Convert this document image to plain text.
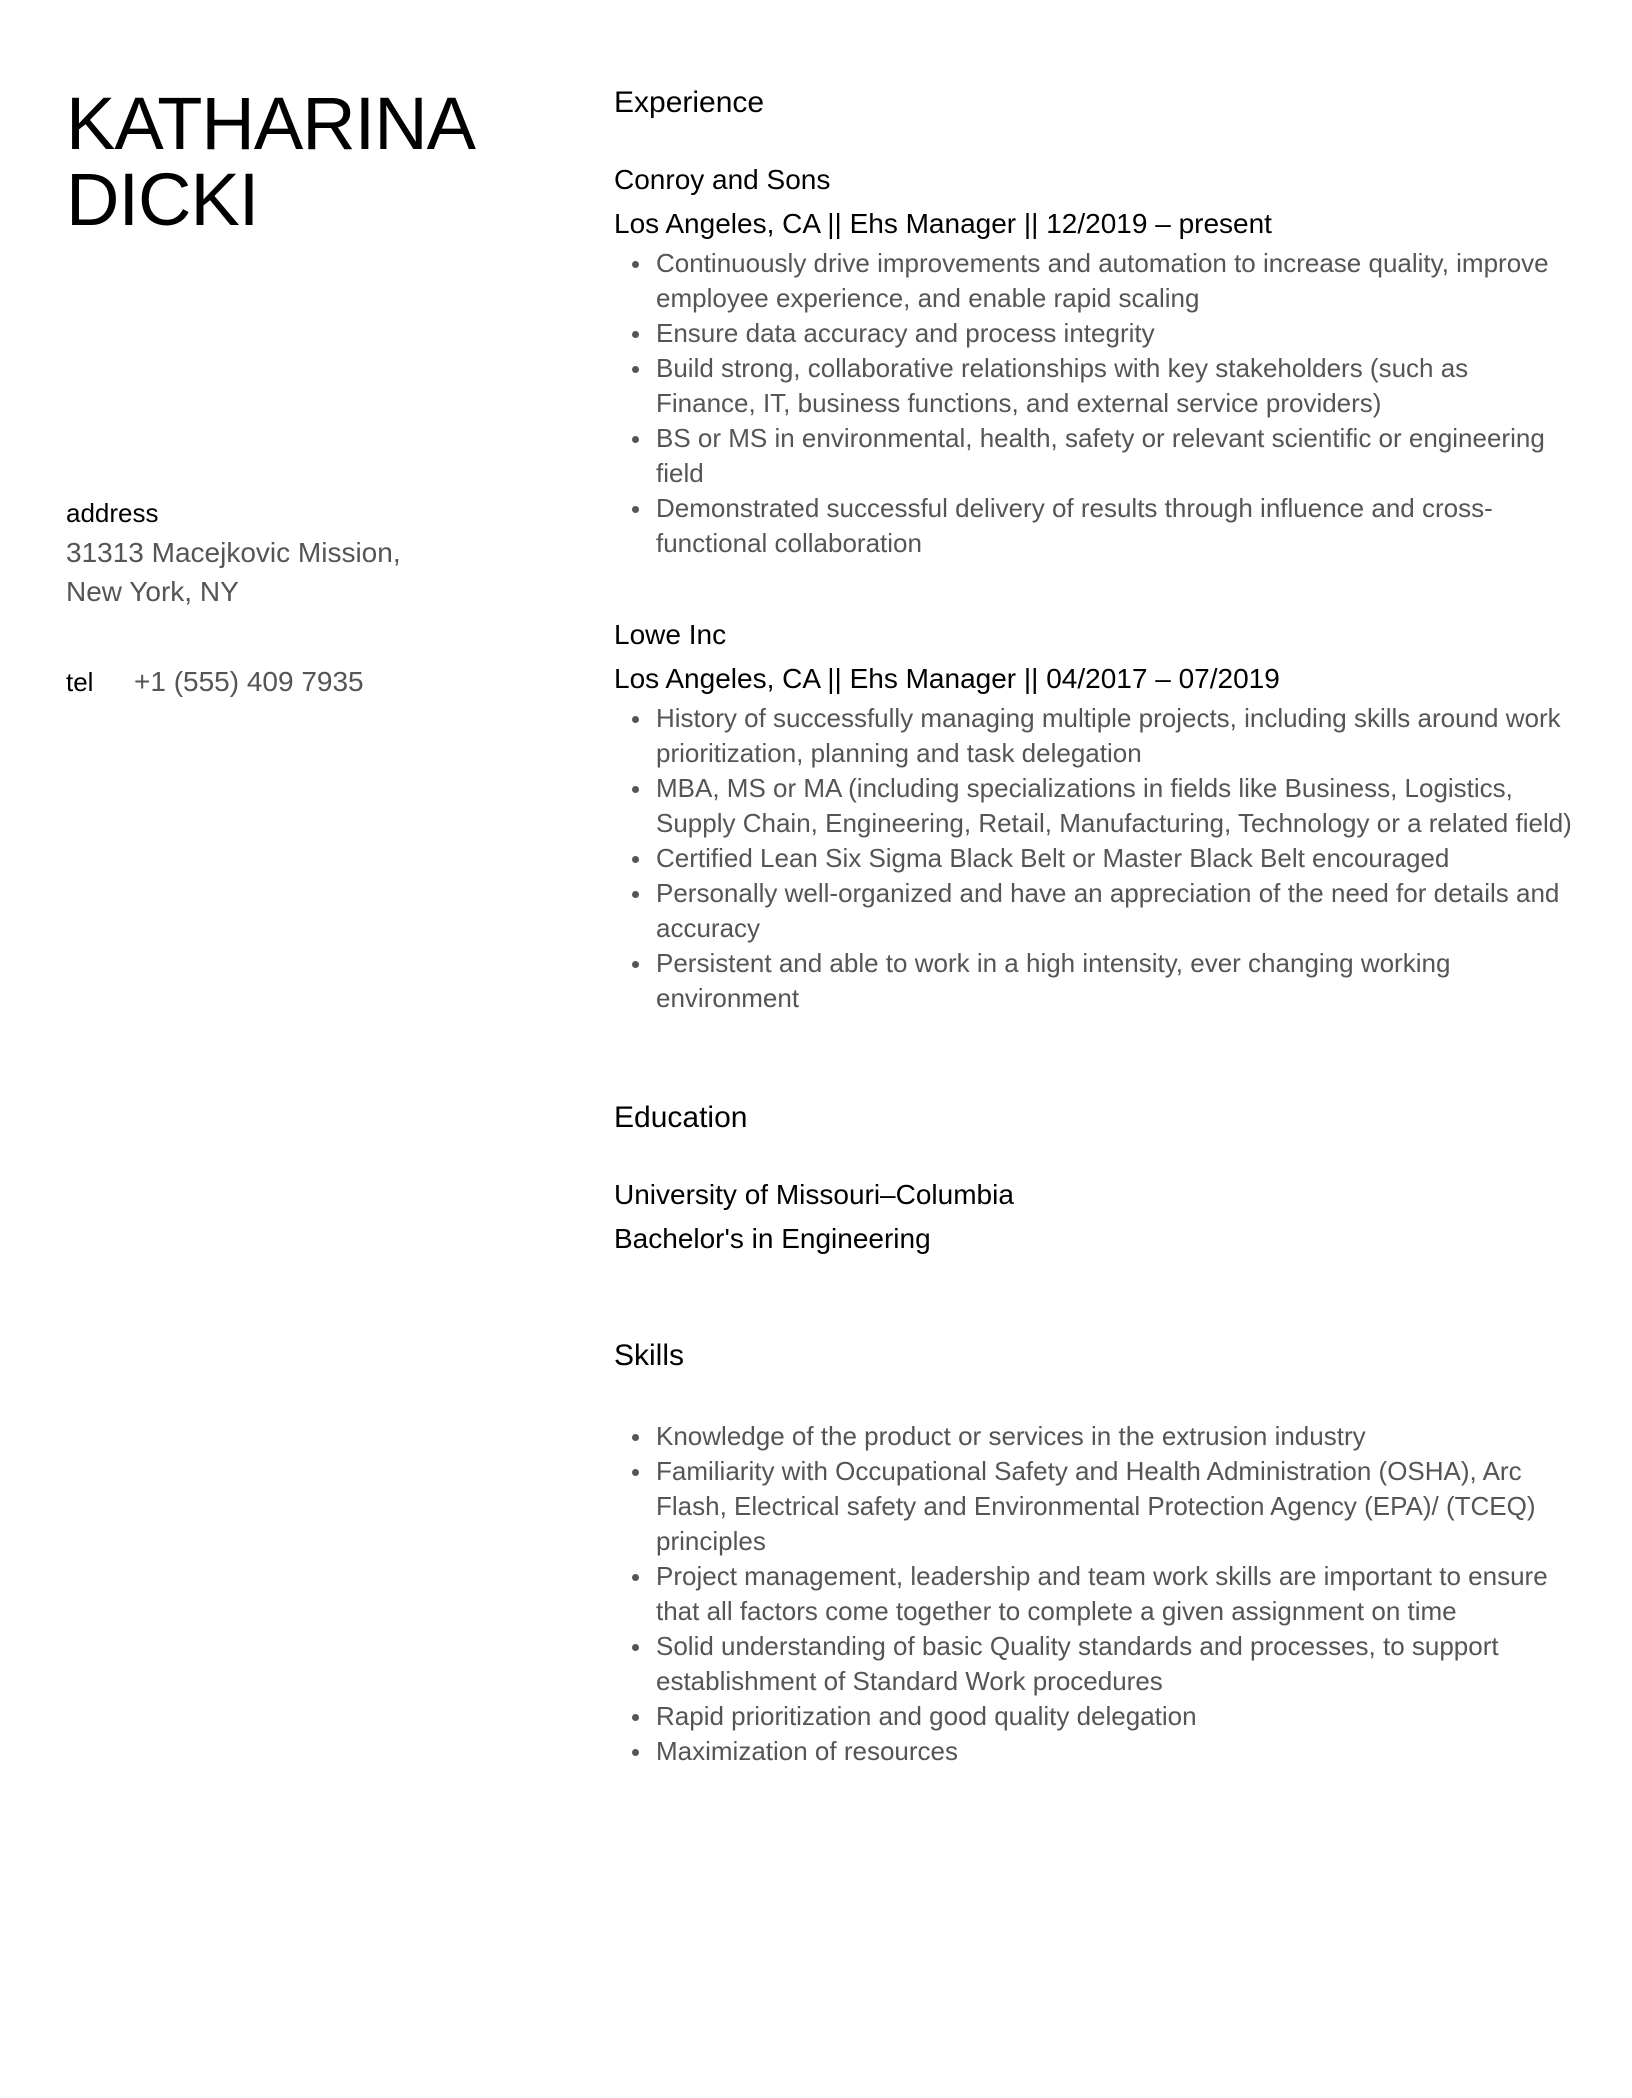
KATHARINA
DICKI
address
31313 Macejkovic Mission,
New York, NY
tel	+1 (555) 409 7935
Experience
Conroy and Sons
Los Angeles, CA || Ehs Manager || 12/2019 – present
Continuously drive improvements and automation to increase quality, improve employee experience, and enable rapid scaling
Ensure data accuracy and process integrity
Build strong, collaborative relationships with key stakeholders (such as Finance, IT, business functions, and external service providers)
BS or MS in environmental, health, safety or relevant scientific or engineering field
Demonstrated successful delivery of results through influence and cross-functional collaboration
Lowe Inc
Los Angeles, CA || Ehs Manager || 04/2017 – 07/2019
History of successfully managing multiple projects, including skills around work prioritization, planning and task delegation
MBA, MS or MA (including specializations in fields like Business, Logistics, Supply Chain, Engineering, Retail, Manufacturing, Technology or a related field)
Certified Lean Six Sigma Black Belt or Master Black Belt encouraged
Personally well-organized and have an appreciation of the need for details and accuracy
Persistent and able to work in a high intensity, ever changing working environment
Education
University of Missouri–Columbia
Bachelor's in Engineering
Skills
Knowledge of the product or services in the extrusion industry
Familiarity with Occupational Safety and Health Administration (OSHA), Arc Flash, Electrical safety and Environmental Protection Agency (EPA)/ (TCEQ) principles
Project management, leadership and team work skills are important to ensure that all factors come together to complete a given assignment on time
Solid understanding of basic Quality standards and processes, to support establishment of Standard Work procedures
Rapid prioritization and good quality delegation
Maximization of resources
